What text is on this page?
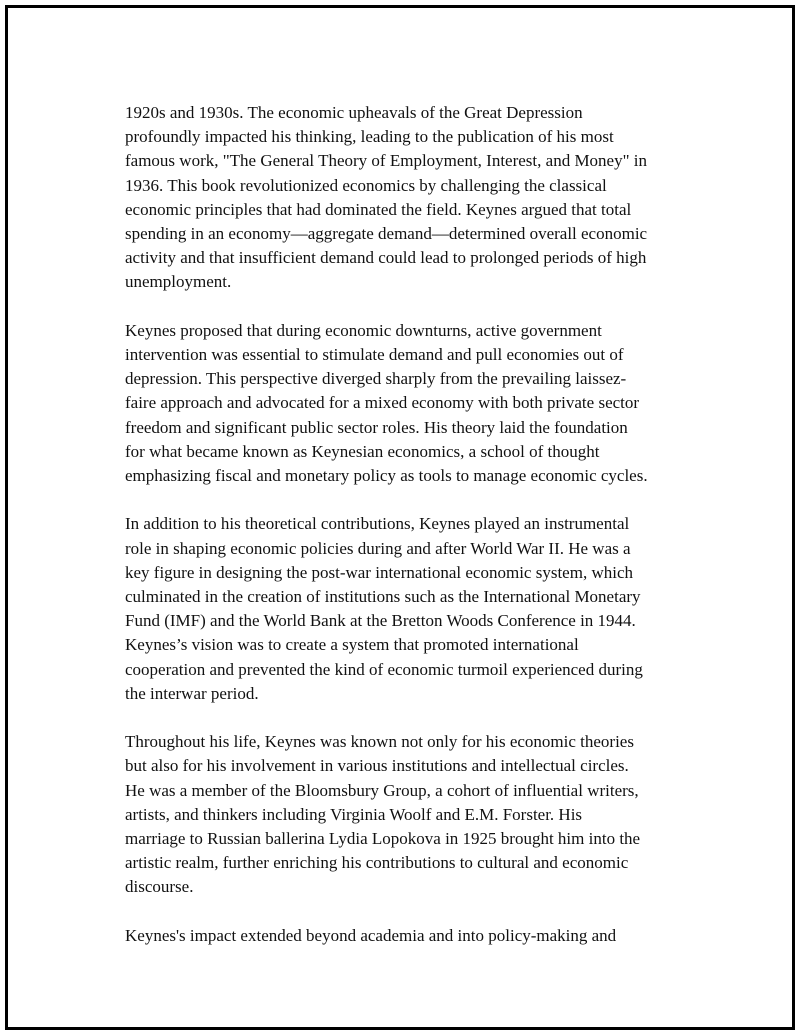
1920s and 1930s. The economic upheavals of the Great Depression
profoundly impacted his thinking, leading to the publication of his most
famous work, "The General Theory of Employment, Interest, and Money" in
1936. This book revolutionized economics by challenging the classical
economic principles that had dominated the field. Keynes argued that total
spending in an economy—aggregate demand—determined overall economic
activity and that insufficient demand could lead to prolonged periods of high
unemployment.

Keynes proposed that during economic downturns, active government
intervention was essential to stimulate demand and pull economies out of
depression. This perspective diverged sharply from the prevailing laissez-
faire approach and advocated for a mixed economy with both private sector
freedom and significant public sector roles. His theory laid the foundation
for what became known as Keynesian economics, a school of thought
emphasizing fiscal and monetary policy as tools to manage economic cycles.

In addition to his theoretical contributions, Keynes played an instrumental
role in shaping economic policies during and after World War II. He was a
key figure in designing the post-war international economic system, which
culminated in the creation of institutions such as the International Monetary
Fund (IMF) and the World Bank at the Bretton Woods Conference in 1944.
Keynes’s vision was to create a system that promoted international
cooperation and prevented the kind of economic turmoil experienced during
the interwar period.

Throughout his life, Keynes was known not only for his economic theories
but also for his involvement in various institutions and intellectual circles.
He was a member of the Bloomsbury Group, a cohort of influential writers,
artists, and thinkers including Virginia Woolf and E.M. Forster. His
marriage to Russian ballerina Lydia Lopokova in 1925 brought him into the
artistic realm, further enriching his contributions to cultural and economic
discourse.

Keynes's impact extended beyond academia and into policy-making and
